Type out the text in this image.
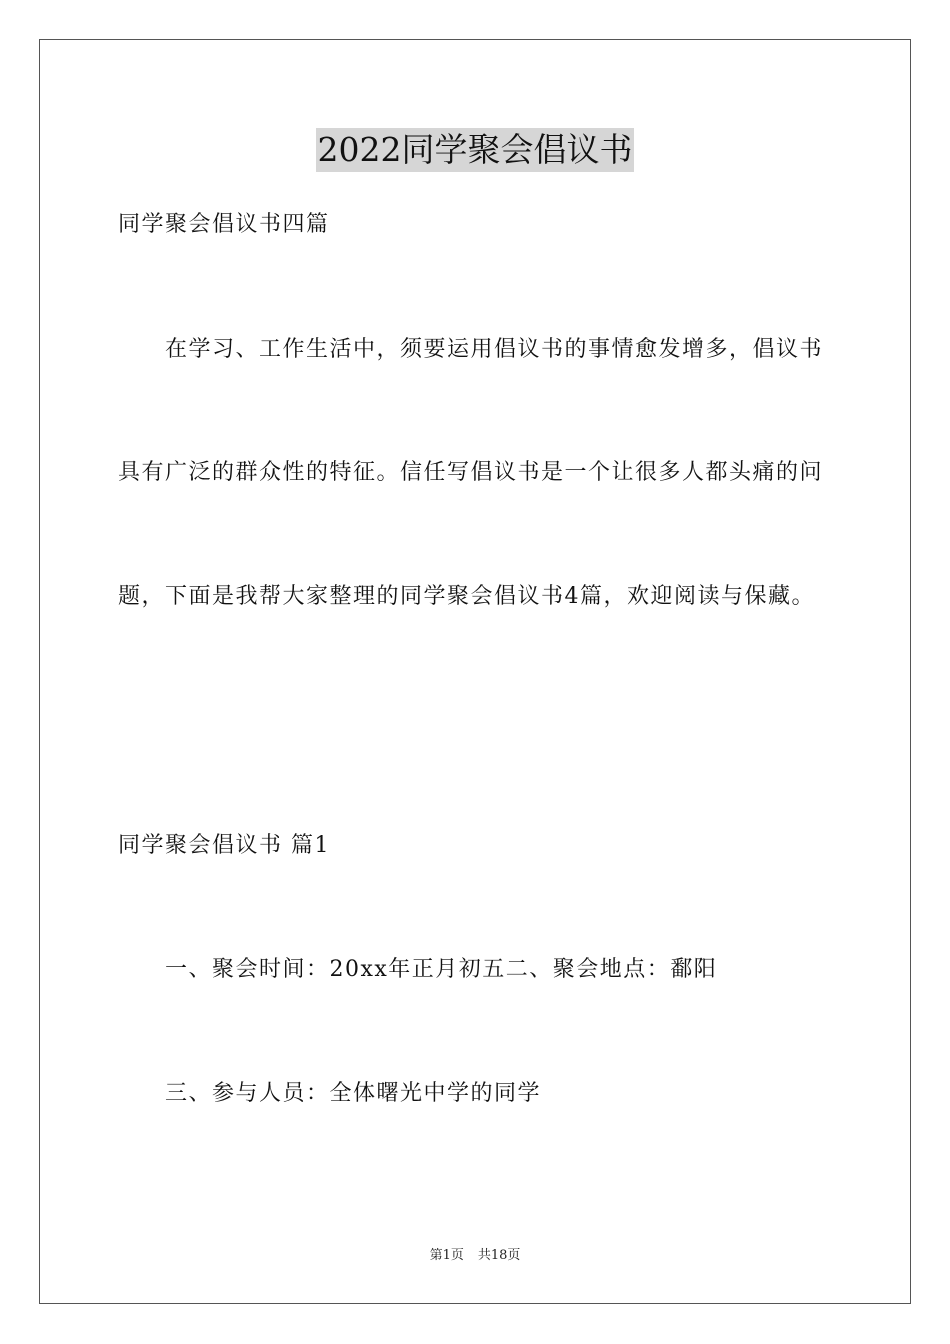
2022同学聚会倡议书
同学聚会倡议书四篇
在学习、工作生活中，须要运用倡议书的事情愈发增多，倡议书
具有广泛的群众性的特征。信任写倡议书是一个让很多人都头痛的问
题，下面是我帮大家整理的同学聚会倡议书4篇，欢迎阅读与保藏。
同学聚会倡议书 篇1
一、聚会时间：20xx年正月初五二、聚会地点：鄱阳
三、参与人员：全体曙光中学的同学
第1页 共18页
